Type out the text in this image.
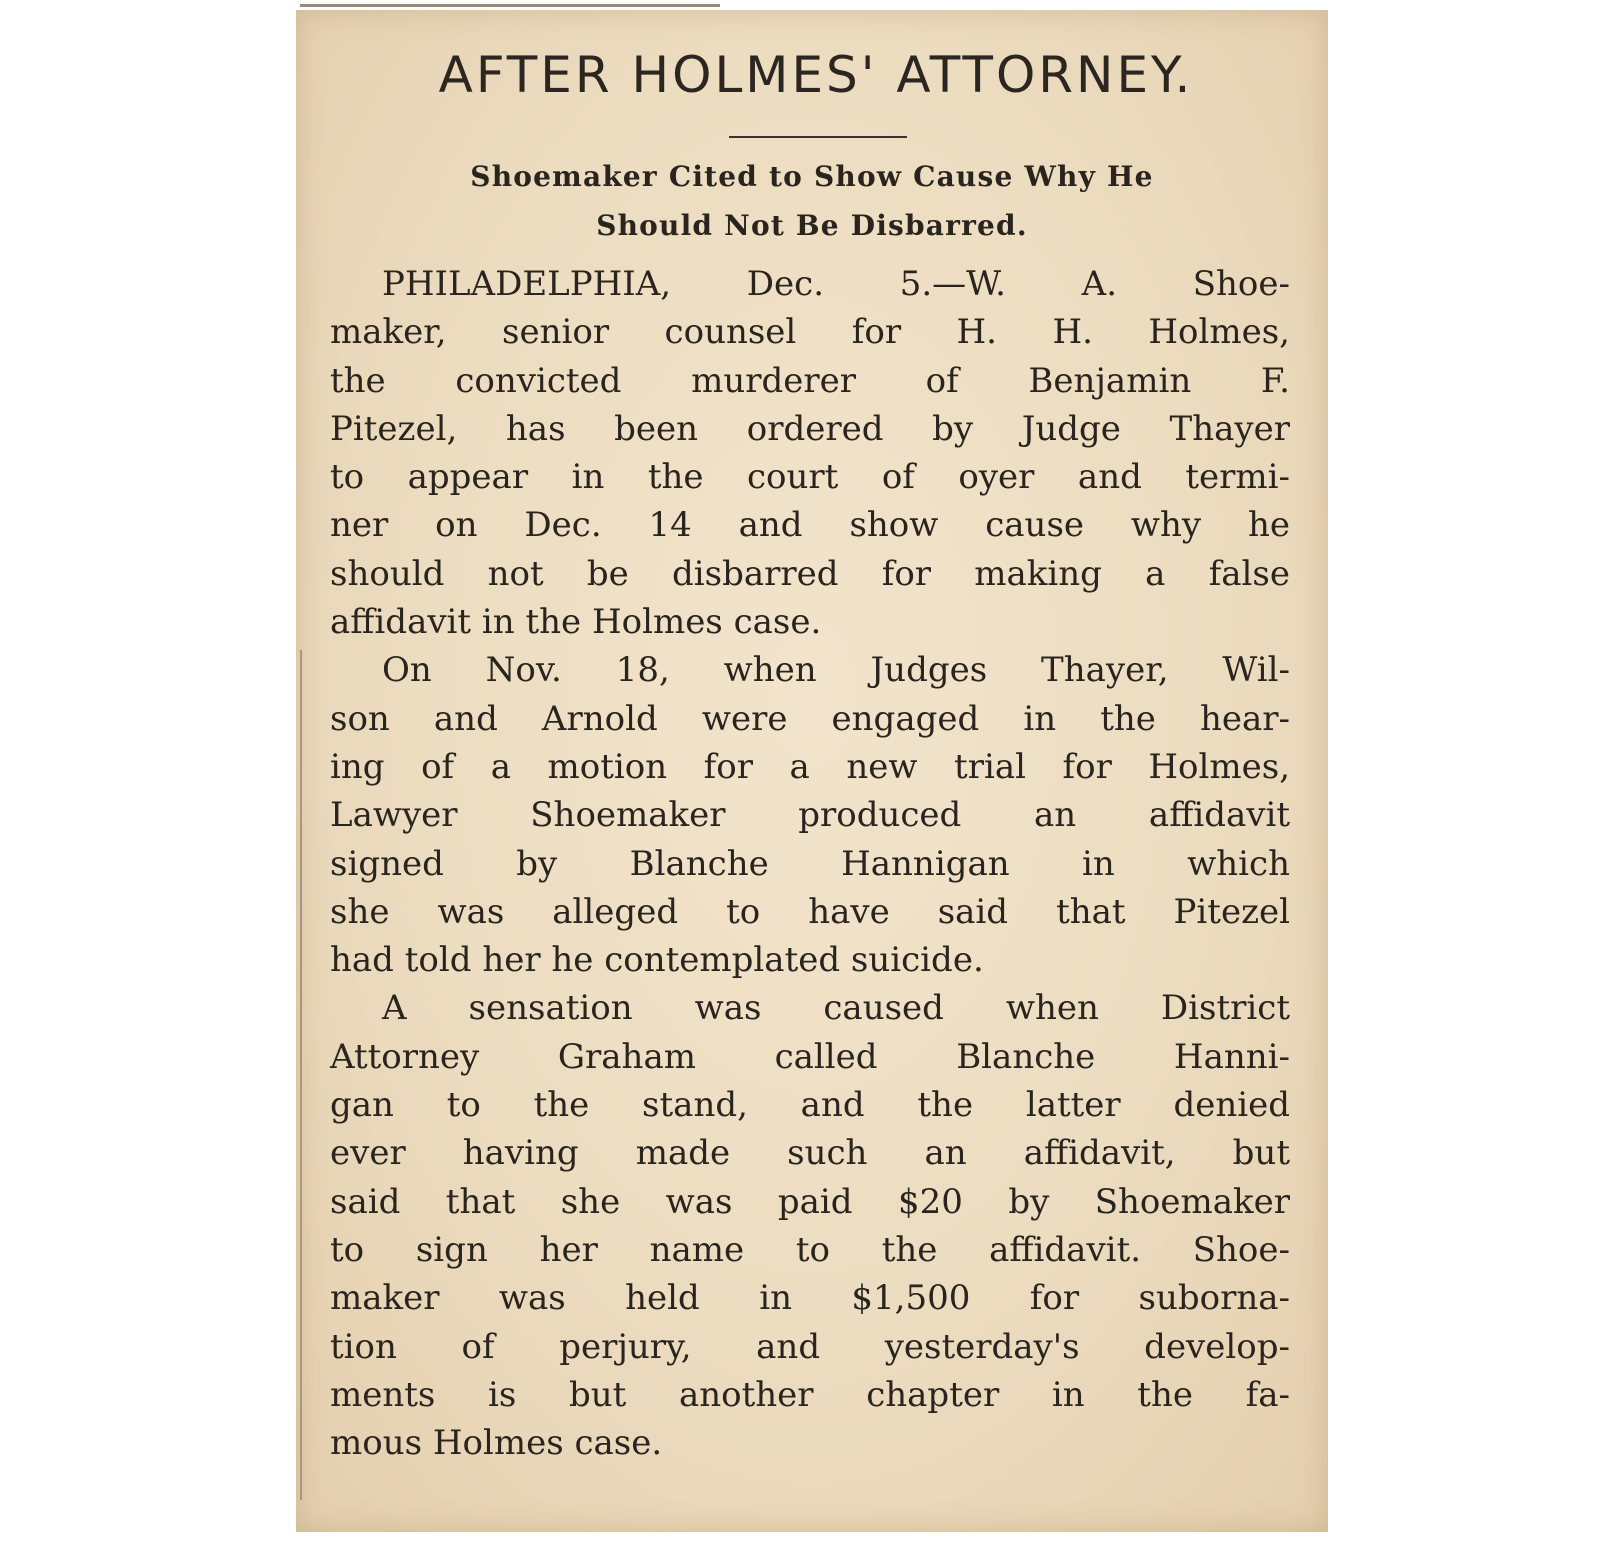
AFTER HOLMES' ATTORNEY.
Shoemaker Cited to Show Cause Why He
Should Not Be Disbarred.
PHILADELPHIA, Dec. 5.—W. A. Shoe-
maker, senior counsel for H. H. Holmes,
the convicted murderer of Benjamin F.
Pitezel, has been ordered by Judge Thayer
to appear in the court of oyer and termi-
ner on Dec. 14 and show cause why he
should not be disbarred for making a false
affidavit in the Holmes case.
On Nov. 18, when Judges Thayer, Wil-
son and Arnold were engaged in the hear-
ing of a motion for a new trial for Holmes,
Lawyer Shoemaker produced an affidavit
signed by Blanche Hannigan in which
she was alleged to have said that Pitezel
had told her he contemplated suicide.
A sensation was caused when District
Attorney Graham called Blanche Hanni-
gan to the stand, and the latter denied
ever having made such an affidavit, but
said that she was paid $20 by Shoemaker
to sign her name to the affidavit. Shoe-
maker was held in $1,500 for suborna-
tion of perjury, and yesterday's develop-
ments is but another chapter in the fa-
mous Holmes case.
